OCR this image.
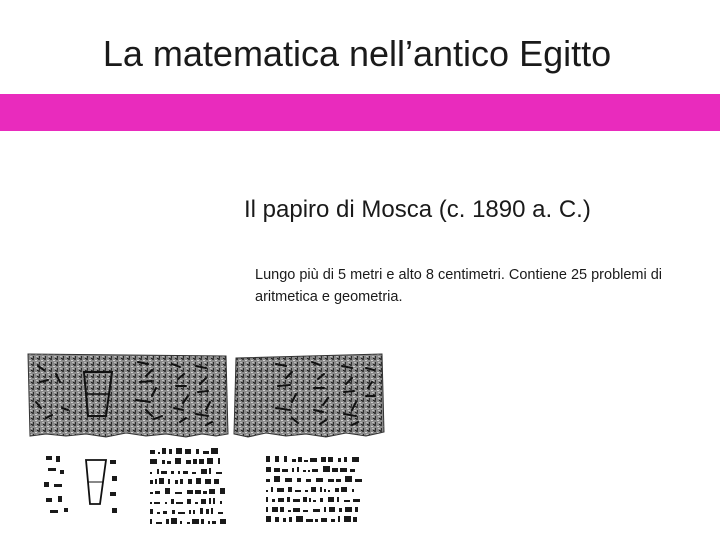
La matematica nell’antico Egitto
Il papiro di Mosca (c. 1890 a. C.)
Lungo più di 5 metri e alto 8 centimetri. Contiene 25 problemi di aritmetica e geometria.
